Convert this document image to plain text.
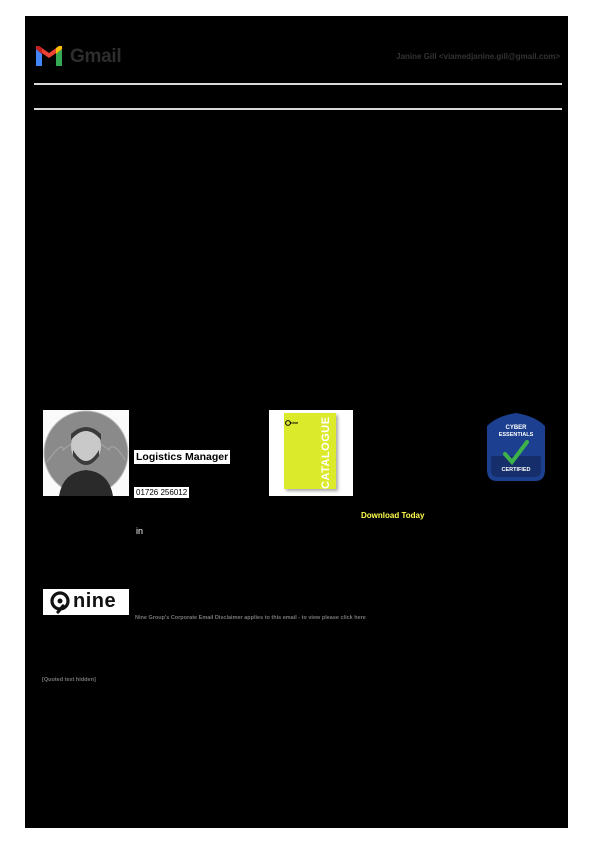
Gmail	Janine Gill <viamedjanine.gill@gmail.com>
Logistics Manager
01726 256012
in
nine CATALOGUE	CYBER
ESSENTIALS
CERTIFIED
Download Today
nine
Nine Group's Corporate Email Disclaimer applies to this email - to view please click here
[Quoted text hidden]
